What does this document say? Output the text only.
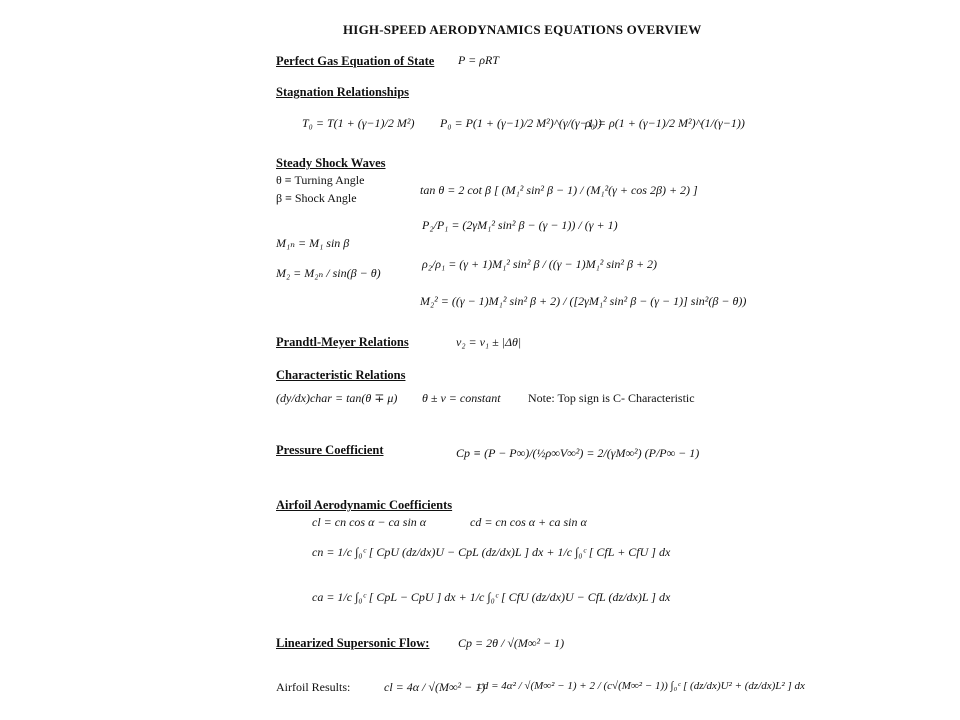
HIGH-SPEED AERODYNAMICS EQUATIONS OVERVIEW
Perfect Gas Equation of State P = ρRT
Stagnation Relationships
T₀ = T(1 + (γ−1)/2 M²) P₀ = P(1 + (γ−1)/2 M²)^(γ/(γ−1))
ρ₀ = ρ(1 + (γ−1)/2 M²)^(1/(γ−1))
Steady Shock Waves
θ ≡ Turning Angle
β ≡ Shock Angle
tan θ = 2 cot β [ (M₁² sin² β − 1) / (M₁²(γ + cos 2β) + 2) ]
P₂/P₁ = (2γM₁² sin² β − (γ − 1)) / (γ + 1)
M₁ₙ = M₁ sin β
ρ₂/ρ₁ = (γ + 1)M₁² sin² β / ((γ − 1)M₁² sin² β + 2)
M₂ = M₂ₙ / sin(β − θ)
M₂² = ((γ − 1)M₁² sin² β + 2) / ([2γM₁² sin² β − (γ − 1)] sin²(β − θ))
Prandtl-Meyer Relations	ν₂ = ν₁ ± |Δθ|
Characteristic Relations
(dy/dx)char = tan(θ ∓ μ) θ ± ν = constant Note: Top sign is C- Characteristic
Pressure Coefficient	Cp ≡ (P − P∞)/(½ρ∞V∞²) = 2/(γM∞²) (P/P∞ − 1)
Airfoil Aerodynamic Coefficients
cl = cn cos α − ca sin α	cd = cn cos α + ca sin α
cn = 1/c ∫₀ᶜ [ CpU (dz/dx)U − CpL (dz/dx)L ] dx + 1/c ∫₀ᶜ [ CfL + CfU ] dx
ca = 1/c ∫₀ᶜ [ CpL − CpU ] dx + 1/c ∫₀ᶜ [ CfU (dz/dx)U − CfL (dz/dx)L ] dx
Linearized Supersonic Flow: Cp = 2θ / √(M∞² − 1)
Airfoil Results:	cl = 4α / √(M∞² − 1)
cd = 4α² / √(M∞² − 1) + 2 / (c√(M∞² − 1)) ∫₀ᶜ [ (dz/dx)U² + (dz/dx)L² ] dx
